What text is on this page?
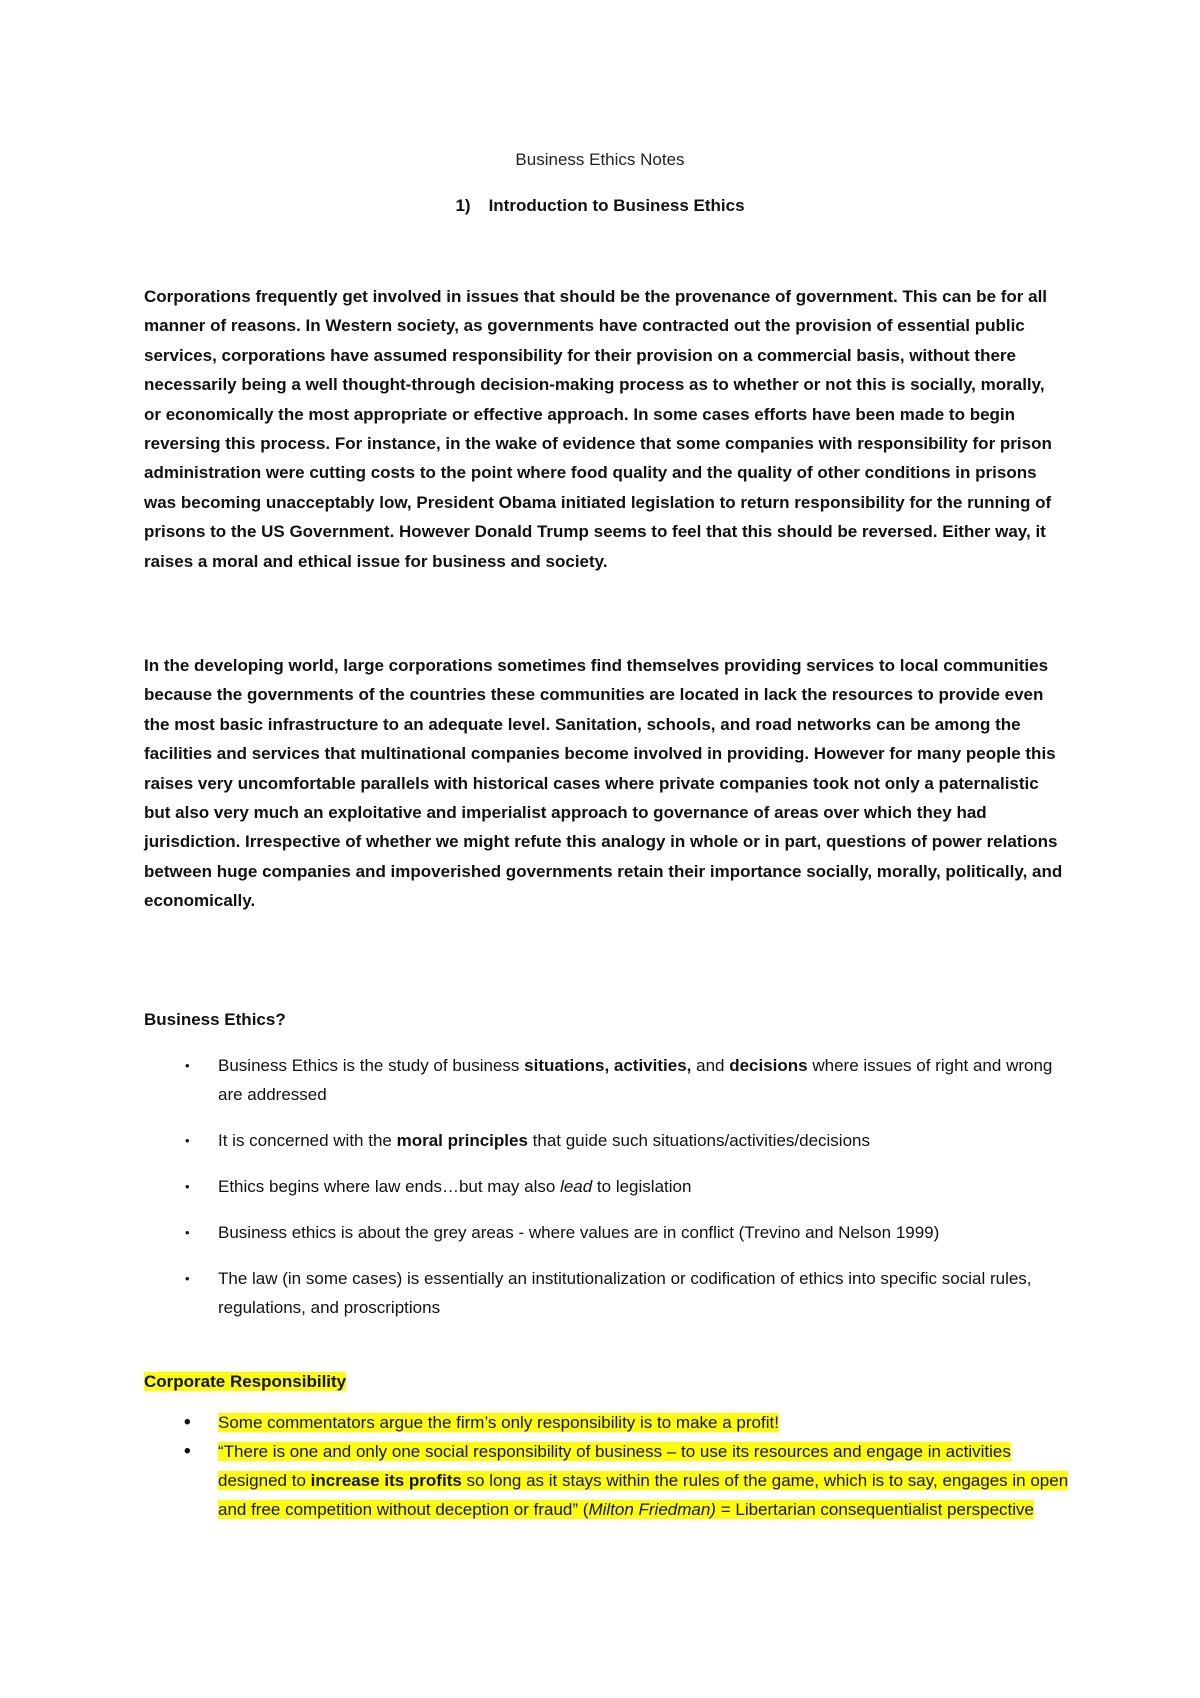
Business Ethics Notes
1) Introduction to Business Ethics

Corporations frequently get involved in issues that should be the provenance of government. This can be for all manner of reasons. In Western society, as governments have contracted out the provision of essential public services, corporations have assumed responsibility for their provision on a commercial basis, without there necessarily being a well thought-through decision-making process as to whether or not this is socially, morally, or economically the most appropriate or effective approach. In some cases efforts have been made to begin reversing this process. For instance, in the wake of evidence that some companies with responsibility for prison administration were cutting costs to the point where food quality and the quality of other conditions in prisons was becoming unacceptably low, President Obama initiated legislation to return responsibility for the running of prisons to the US Government. However Donald Trump seems to feel that this should be reversed. Either way, it raises a moral and ethical issue for business and society.

In the developing world, large corporations sometimes find themselves providing services to local communities because the governments of the countries these communities are located in lack the resources to provide even the most basic infrastructure to an adequate level. Sanitation, schools, and road networks can be among the facilities and services that multinational companies become involved in providing. However for many people this raises very uncomfortable parallels with historical cases where private companies took not only a paternalistic but also very much an exploitative and imperialist approach to governance of areas over which they had jurisdiction. Irrespective of whether we might refute this analogy in whole or in part, questions of power relations between huge companies and impoverished governments retain their importance socially, morally, politically, and economically.

Business Ethics?

• Business Ethics is the study of business situations, activities, and decisions where issues of right and wrong are addressed
• It is concerned with the moral principles that guide such situations/activities/decisions
• Ethics begins where law ends…but may also lead to legislation
• Business ethics is about the grey areas - where values are in conflict (Trevino and Nelson 1999)
• The law (in some cases) is essentially an institutionalization or codification of ethics into specific social rules, regulations, and proscriptions

Corporate Responsibility

• Some commentators argue the firm’s only responsibility is to make a profit!
• “There is one and only one social responsibility of business – to use its resources and engage in activities designed to increase its profits so long as it stays within the rules of the game, which is to say, engages in open and free competition without deception or fraud” (Milton Friedman) = Libertarian consequentialist perspective
